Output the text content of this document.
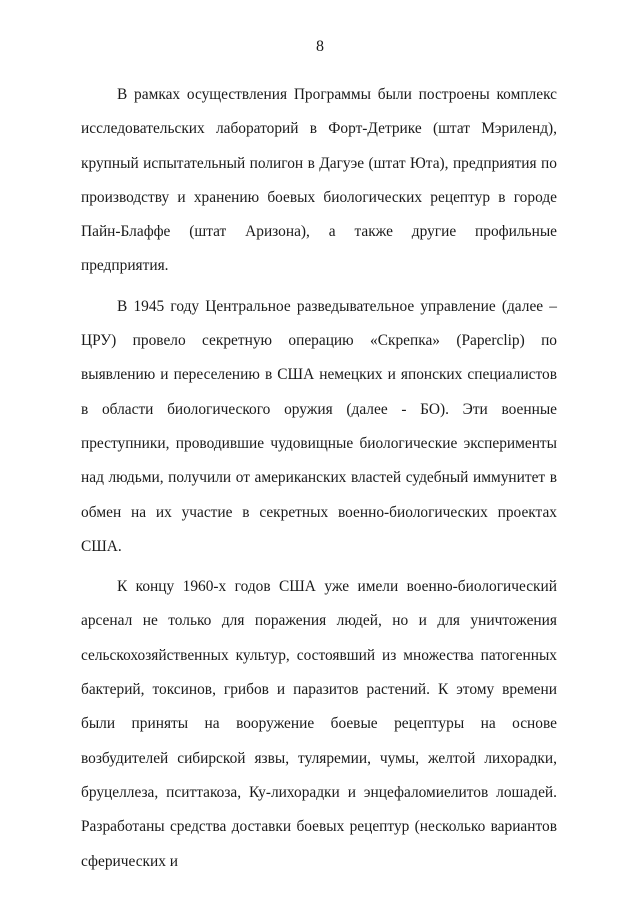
8

В рамках осуществления Программы были построены комплекс исследовательских лабораторий в Форт-Детрике (штат Мэриленд), крупный испытательный полигон в Дагуэе (штат Юта), предприятия по производству и хранению боевых биологических рецептур в городе Пайн-Блаффе (штат Аризона), а также другие профильные предприятия.

В 1945 году Центральное разведывательное управление (далее – ЦРУ) провело секретную операцию «Скрепка» (Paperclip) по выявлению и переселению в США немецких и японских специалистов в области биологического оружия (далее - БО). Эти военные преступники, проводившие чудовищные биологические эксперименты над людьми, получили от американских властей судебный иммунитет в обмен на их участие в секретных военно-биологических проектах США.

К концу 1960-х годов США уже имели военно-биологический арсенал не только для поражения людей, но и для уничтожения сельскохозяйственных культур, состоявший из множества патогенных бактерий, токсинов, грибов и паразитов растений. К этому времени были приняты на вооружение боевые рецептуры на основе возбудителей сибирской язвы, туляремии, чумы, желтой лихорадки, бруцеллеза, пситтакоза, Ку-лихорадки и энцефаломиелитов лошадей. Разработаны средства доставки боевых рецептур (несколько вариантов сферических и
